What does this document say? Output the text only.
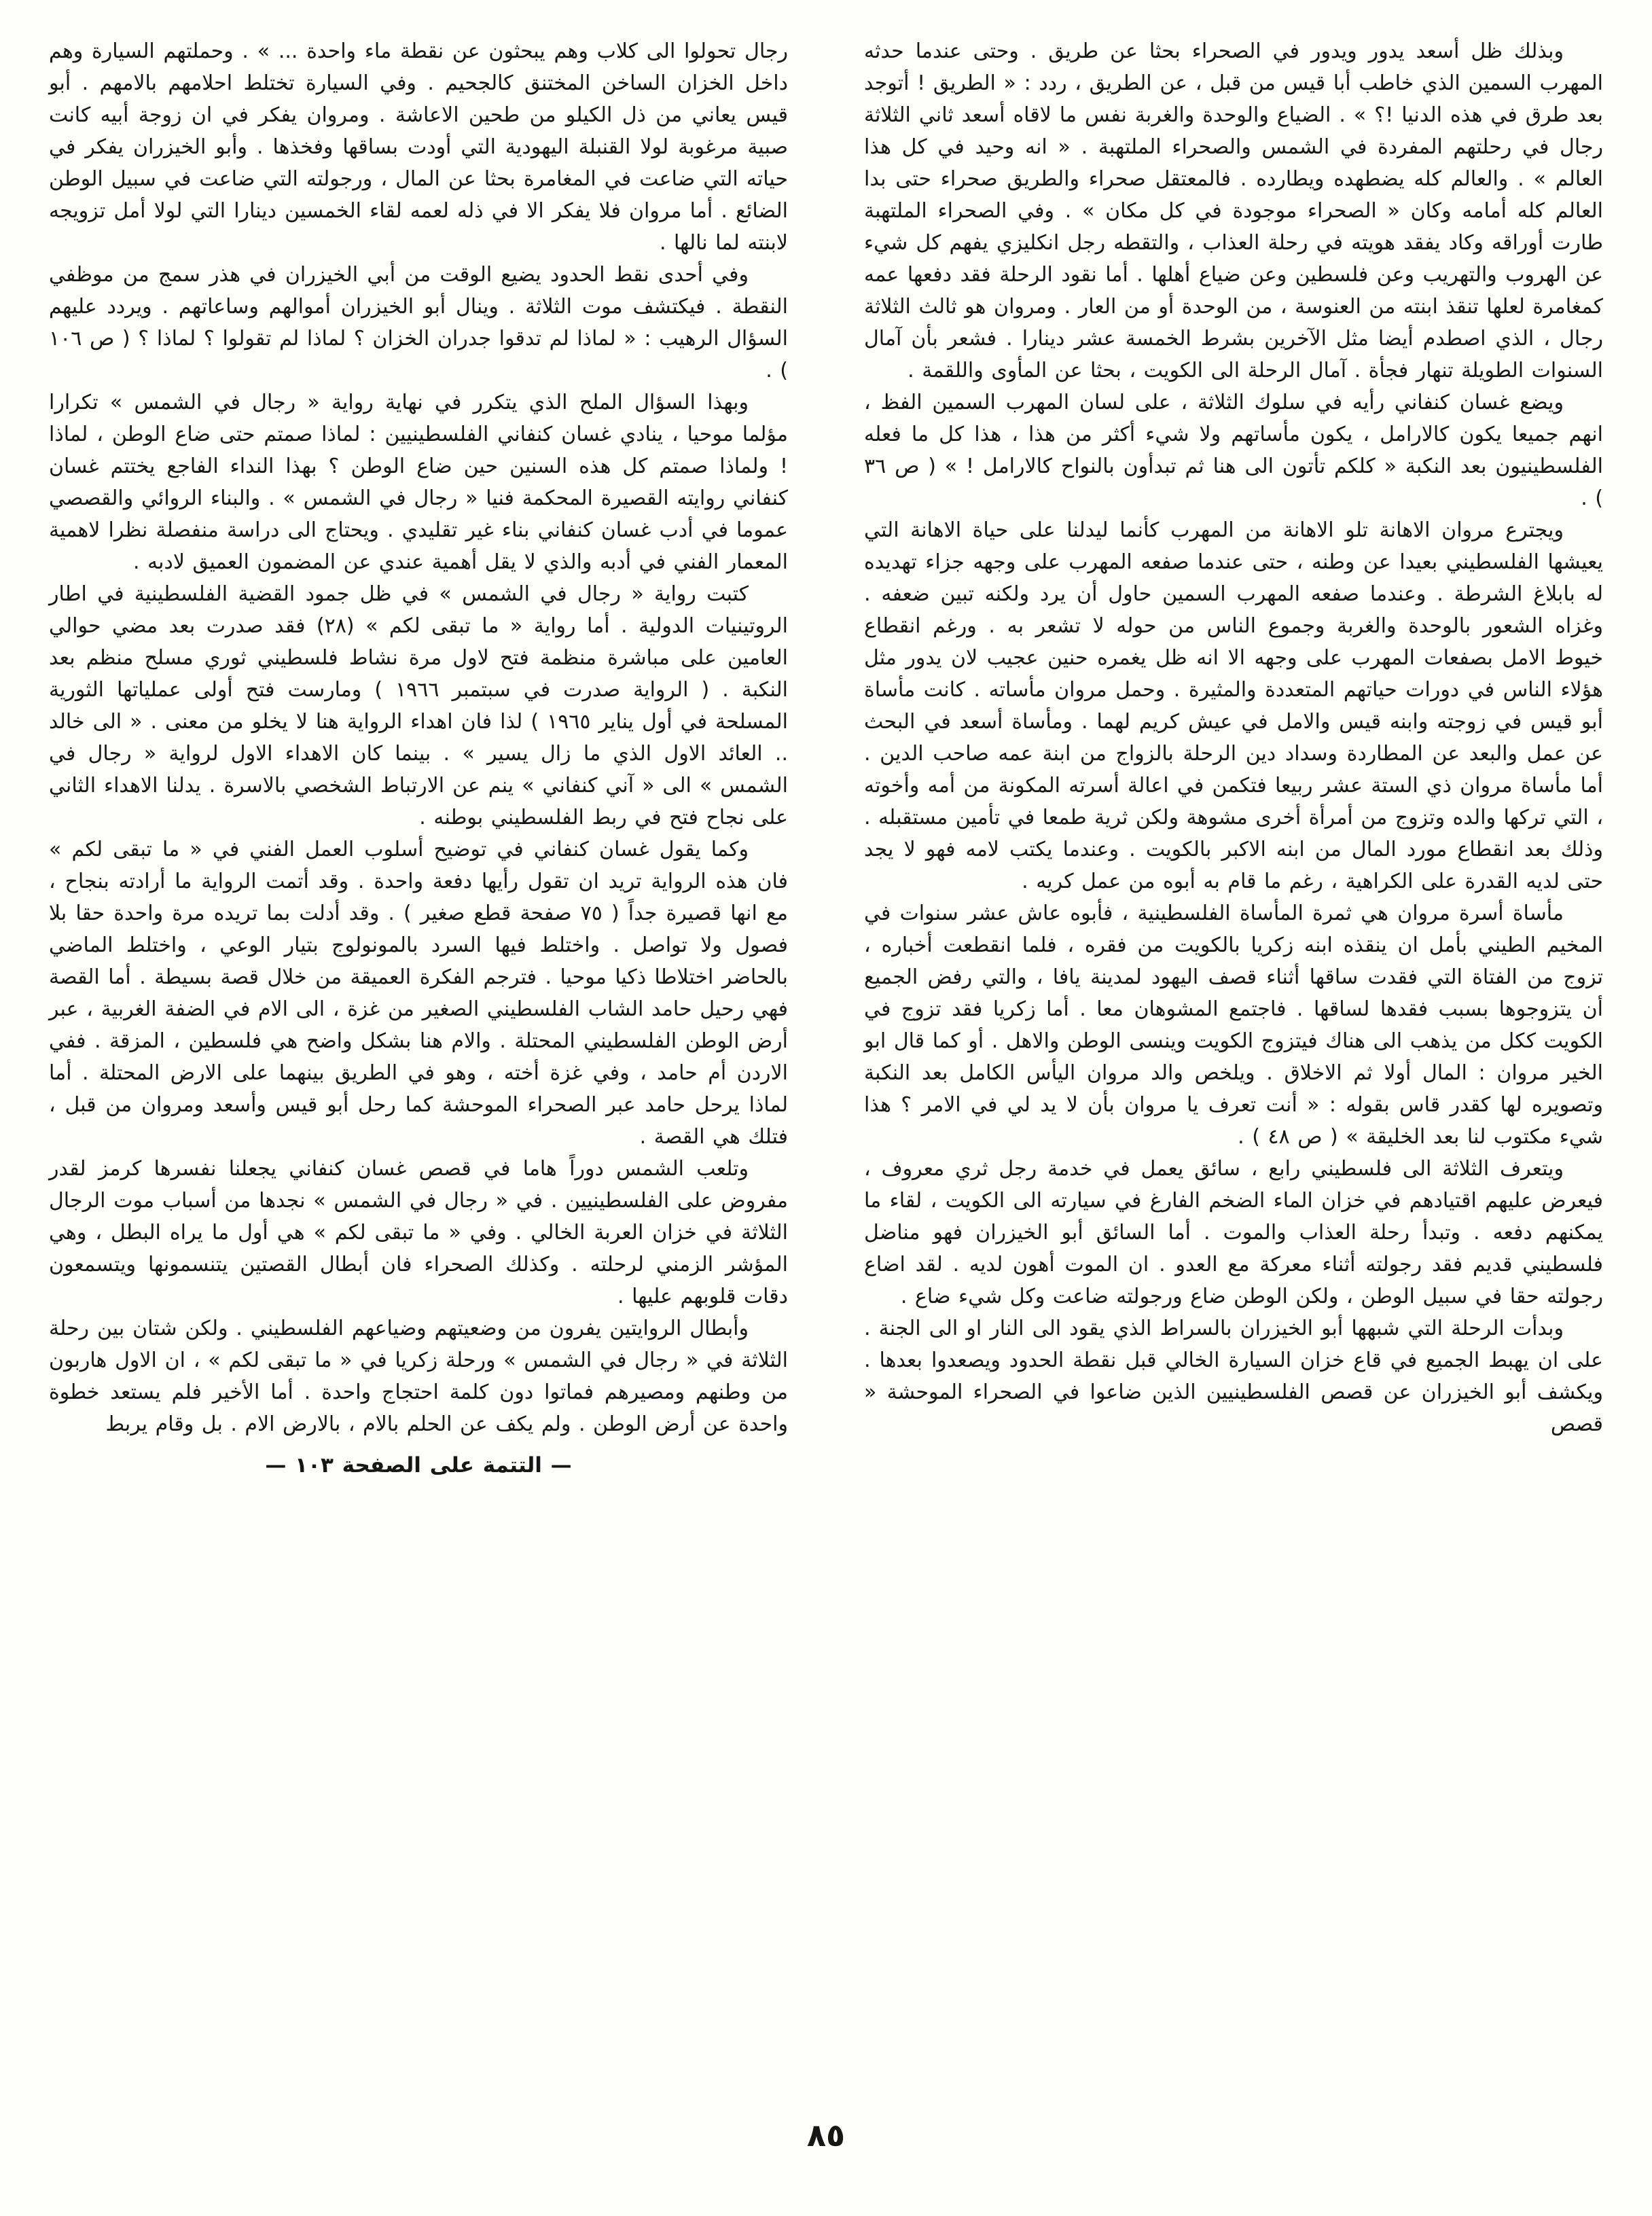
وبذلك ظل أسعد يدور ويدور في الصحراء بحثا عن طريق . وحتى عندما حدثه المهرب السمين الذي خاطب أبا قيس من قبل ، عن الطريق ، ردد : « الطريق ! أتوجد بعد طرق في هذه الدنيا !؟ » . الضياع والوحدة والغربة نفس ما لاقاه أسعد ثاني الثلاثة رجال في رحلتهم المفردة في الشمس والصحراء الملتهبة . « انه وحيد في كل هذا العالم » . والعالم كله يضطهده ويطارده . فالمعتقل صحراء والطريق صحراء حتى بدا العالم كله أمامه وكان « الصحراء موجودة في كل مكان » . وفي الصحراء الملتهبة طارت أوراقه وكاد يفقد هويته في رحلة العذاب ، والتقطه رجل انكليزي يفهم كل شيء عن الهروب والتهريب وعن فلسطين وعن ضياع أهلها . أما نقود الرحلة فقد دفعها عمه كمغامرة لعلها تنقذ ابنته من العنوسة ، من الوحدة أو من العار . ومروان هو ثالث الثلاثة رجال ، الذي اصطدم أيضا مثل الآخرين بشرط الخمسة عشر دينارا . فشعر بأن آمال السنوات الطويلة تنهار فجأة . آمال الرحلة الى الكويت ، بحثا عن المأوى واللقمة .

ويضع غسان كنفاني رأيه في سلوك الثلاثة ، على لسان المهرب السمين الفظ ، انهم جميعا يكون كالارامل ، يكون مأساتهم ولا شيء أكثر من هذا ، هذا كل ما فعله الفلسطينيون بعد النكبة « كلكم تأتون الى هنا ثم تبدأون بالنواح كالارامل ! » ( ص ٣٦ ) .

ويجترع مروان الاهانة تلو الاهانة من المهرب كأنما ليدلنا على حياة الاهانة التي يعيشها الفلسطيني بعيدا عن وطنه ، حتى عندما صفعه المهرب على وجهه جزاء تهديده له بابلاغ الشرطة . وعندما صفعه المهرب السمين حاول أن يرد ولكنه تبين ضعفه . وغزاه الشعور بالوحدة والغربة وجموع الناس من حوله لا تشعر به . ورغم انقطاع خيوط الامل بصفعات المهرب على وجهه الا انه ظل يغمره حنين عجيب لان يدور مثل هؤلاء الناس في دورات حياتهم المتعددة والمثيرة . وحمل مروان مأساته . كانت مأساة أبو قيس في زوجته وابنه قيس والامل في عيش كريم لهما . ومأساة أسعد في البحث عن عمل والبعد عن المطاردة وسداد دين الرحلة بالزواج من ابنة عمه صاحب الدين . أما مأساة مروان ذي الستة عشر ربيعا فتكمن في اعالة أسرته المكونة من أمه وأخوته ، التي تركها والده وتزوج من أمرأة أخرى مشوهة ولكن ثرية طمعا في تأمين مستقبله . وذلك بعد انقطاع مورد المال من ابنه الاكبر بالكويت . وعندما يكتب لامه فهو لا يجد حتى لديه القدرة على الكراهية ، رغم ما قام به أبوه من عمل كريه .

مأساة أسرة مروان هي ثمرة المأساة الفلسطينية ، فأبوه عاش عشر سنوات في المخيم الطيني بأمل ان ينقذه ابنه زكريا بالكويت من فقره ، فلما انقطعت أخباره ، تزوج من الفتاة التي فقدت ساقها أثناء قصف اليهود لمدينة يافا ، والتي رفض الجميع أن يتزوجوها بسبب فقدها لساقها . فاجتمع المشوهان معا . أما زكريا فقد تزوج في الكويت ككل من يذهب الى هناك فيتزوج الكويت وينسى الوطن والاهل . أو كما قال ابو الخير مروان : المال أولا ثم الاخلاق . ويلخص والد مروان اليأس الكامل بعد النكبة وتصويره لها كقدر قاس بقوله : « أنت تعرف يا مروان بأن لا يد لي في الامر ؟ هذا شيء مكتوب لنا بعد الخليقة » ( ص ٤٨ ) .

ويتعرف الثلاثة الى فلسطيني رابع ، سائق يعمل في خدمة رجل ثري معروف ، فيعرض عليهم اقتيادهم في خزان الماء الضخم الفارغ في سيارته الى الكويت ، لقاء ما يمكنهم دفعه . وتبدأ رحلة العذاب والموت . أما السائق أبو الخيزران فهو مناضل فلسطيني قديم فقد رجولته أثناء معركة مع العدو . ان الموت أهون لديه . لقد اضاع رجولته حقا في سبيل الوطن ، ولكن الوطن ضاع ورجولته ضاعت وكل شيء ضاع .

وبدأت الرحلة التي شبهها أبو الخيزران بالسراط الذي يقود الى النار او الى الجنة . على ان يهبط الجميع في قاع خزان السيارة الخالي قبل نقطة الحدود ويصعدوا بعدها . ويكشف أبو الخيزران عن قصص الفلسطينيين الذين ضاعوا في الصحراء الموحشة « قصص

رجال تحولوا الى كلاب وهم يبحثون عن نقطة ماء واحدة ... » . وحملتهم السيارة وهم داخل الخزان الساخن المختنق كالجحيم . وفي السيارة تختلط احلامهم بالامهم . أبو قيس يعاني من ذل الكيلو من طحين الاعاشة . ومروان يفكر في ان زوجة أبيه كانت صبية مرغوبة لولا القنبلة اليهودية التي أودت بساقها وفخذها . وأبو الخيزران يفكر في حياته التي ضاعت في المغامرة بحثا عن المال ، ورجولته التي ضاعت في سبيل الوطن الضائع . أما مروان فلا يفكر الا في ذله لعمه لقاء الخمسين دينارا التي لولا أمل تزويجه لابنته لما نالها .

وفي أحدى نقط الحدود يضيع الوقت من أبي الخيزران في هذر سمج من موظفي النقطة . فيكتشف موت الثلاثة . وينال أبو الخيزران أموالهم وساعاتهم . ويردد عليهم السؤال الرهيب : « لماذا لم تدقوا جدران الخزان ؟ لماذا لم تقولوا ؟ لماذا ؟ ( ص ١٠٦ ) .

وبهذا السؤال الملح الذي يتكرر في نهاية رواية « رجال في الشمس » تكرارا مؤلما موحيا ، ينادي غسان كنفاني الفلسطينيين : لماذا صمتم حتى ضاع الوطن ، لماذا ! ولماذا صمتم كل هذه السنين حين ضاع الوطن ؟ بهذا النداء الفاجع يختتم غسان كنفاني روايته القصيرة المحكمة فنيا « رجال في الشمس » . والبناء الروائي والقصصي عموما في أدب غسان كنفاني بناء غير تقليدي . ويحتاج الى دراسة منفصلة نظرا لاهمية المعمار الفني في أدبه والذي لا يقل أهمية عندي عن المضمون العميق لادبه .

كتبت رواية « رجال في الشمس » في ظل جمود القضية الفلسطينية في اطار الروتينيات الدولية . أما رواية « ما تبقى لكم » (٢٨) فقد صدرت بعد مضي حوالي العامين على مباشرة منظمة فتح لاول مرة نشاط فلسطيني ثوري مسلح منظم بعد النكبة . ( الرواية صدرت في سبتمبر ١٩٦٦ ) ومارست فتح أولى عملياتها الثورية المسلحة في أول يناير ١٩٦٥ ) لذا فان اهداء الرواية هنا لا يخلو من معنى . « الى خالد .. العائد الاول الذي ما زال يسير » . بينما كان الاهداء الاول لرواية « رجال في الشمس » الى « آني كنفاني » ينم عن الارتباط الشخصي بالاسرة . يدلنا الاهداء الثاني على نجاح فتح في ربط الفلسطيني بوطنه .

وكما يقول غسان كنفاني في توضيح أسلوب العمل الفني في « ما تبقى لكم » فان هذه الرواية تريد ان تقول رأيها دفعة واحدة . وقد أتمت الرواية ما أرادته بنجاح ، مع انها قصيرة جداً ( ٧٥ صفحة قطع صغير ) . وقد أدلت بما تريده مرة واحدة حقا بلا فصول ولا تواصل . واختلط فيها السرد بالمونولوج بتيار الوعي ، واختلط الماضي بالحاضر اختلاطا ذكيا موحيا . فترجم الفكرة العميقة من خلال قصة بسيطة . أما القصة فهي رحيل حامد الشاب الفلسطيني الصغير من غزة ، الى الام في الضفة الغربية ، عبر أرض الوطن الفلسطيني المحتلة . والام هنا بشكل واضح هي فلسطين ، المزقة . ففي الاردن أم حامد ، وفي غزة أخته ، وهو في الطريق بينهما على الارض المحتلة . أما لماذا يرحل حامد عبر الصحراء الموحشة كما رحل أبو قيس وأسعد ومروان من قبل ، فتلك هي القصة .

وتلعب الشمس دوراً هاما في قصص غسان كنفاني يجعلنا نفسرها كرمز لقدر مفروض على الفلسطينيين . في « رجال في الشمس » نجدها من أسباب موت الرجال الثلاثة في خزان العربة الخالي . وفي « ما تبقى لكم » هي أول ما يراه البطل ، وهي المؤشر الزمني لرحلته . وكذلك الصحراء فان أبطال القصتين يتنسمونها ويتسمعون دقات قلوبهم عليها .

وأبطال الروايتين يفرون من وضعيتهم وضياعهم الفلسطيني . ولكن شتان بين رحلة الثلاثة في « رجال في الشمس » ورحلة زكريا في « ما تبقى لكم » ، ان الاول هاربون من وطنهم ومصيرهم فماتوا دون كلمة احتجاج واحدة . أما الأخير فلم يستعد خطوة واحدة عن أرض الوطن . ولم يكف عن الحلم بالام ، بالارض الام . بل وقام يربط

— التتمة على الصفحة ١٠٣ —
٨٥
